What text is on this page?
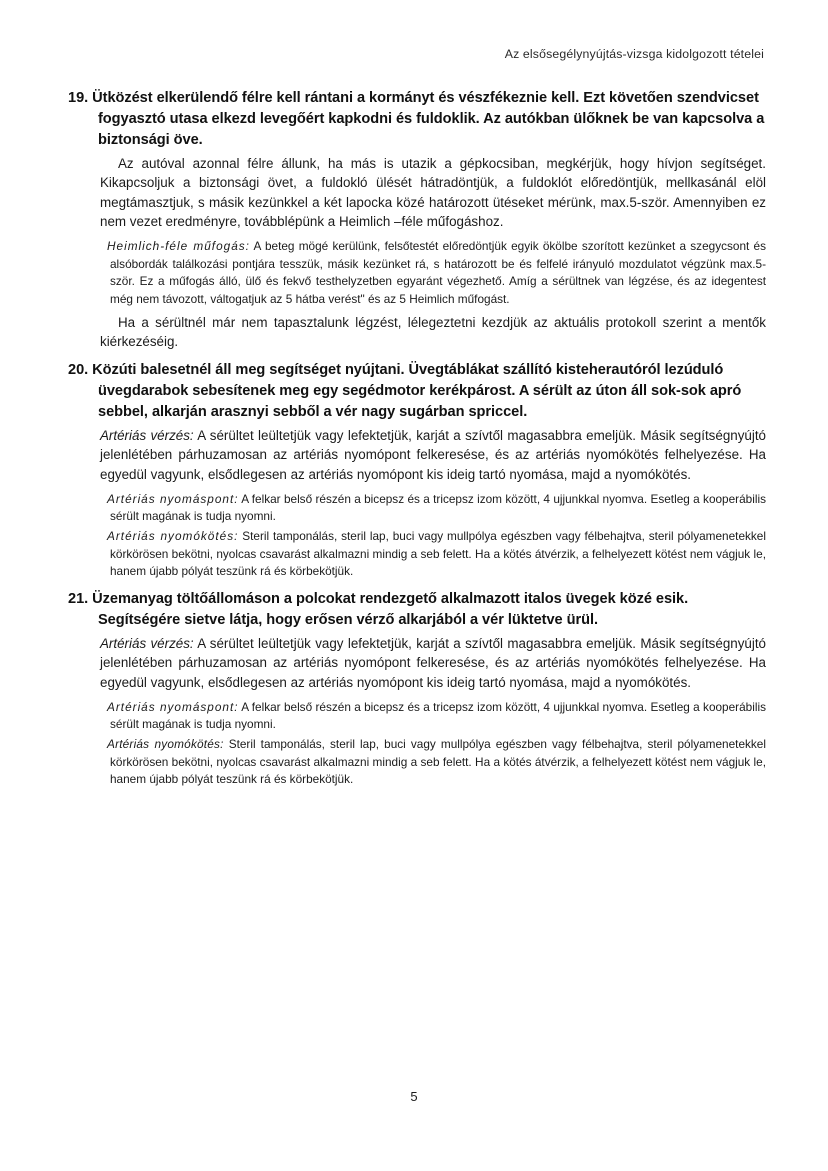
Az elsősegélynyújtás-vizsga kidolgozott tételei
19. Ütközést elkerülendő félre kell rántani a kormányt és vészfékeznie kell. Ezt követően szendvicset fogyasztó utasa elkezd levegőért kapkodni és fuldoklik. Az autókban ülőknek be van kapcsolva a biztonsági öve.
Az autóval azonnal félre állunk, ha más is utazik a gépkocsiban, megkérjük, hogy hívjon segítséget. Kikapcsoljuk a biztonsági övet, a fuldokló ülését hátradöntjük, a fuldoklót előredöntjük, mellkasánál elöl megtámasztjuk, s másik kezünkkel a két lapocka közé határozott ütéseket mérünk, max.5-ször. Amennyiben ez nem vezet eredményre, továbblépünk a Heimlich –féle műfogáshoz.
Heimlich-féle műfogás: A beteg mögé kerülünk, felsőtestét előredöntjük egyik ökölbe szorított kezünket a szegycsont és alsóbordák találkozási pontjára tesszük, másik kezünket rá, s határozott be és felfelé irányuló mozdulatot végzünk max.5-ször. Ez a műfogás álló, ülő és fekvő testhelyzetben egyaránt végezhető. Amíg a sérültnek van légzése, és az idegentest még nem távozott, váltogatjuk az 5 hátba verést" és az 5 Heimlich műfogást.
Ha a sérültnél már nem tapasztalunk légzést, lélegeztetni kezdjük az aktuális protokoll szerint a mentők kiérkezéséig.
20. Közúti balesetnél áll meg segítséget nyújtani. Üvegtáblákat szállító kisteherautóról lezúduló üvegdarabok sebesítenek meg egy segédmotor kerékpárost. A sérült az úton áll sok-sok apró sebbel, alkarján arasznyi sebből a vér nagy sugárban spriccel.
Artériás vérzés: A sérültet leültetjük vagy lefektetjük, karját a szívtől magasabbra emeljük. Másik segítségnyújtó jelenlétében párhuzamosan az artériás nyomópont felkeresése, és az artériás nyomókötés felhelyezése. Ha egyedül vagyunk, elsődlegesen az artériás nyomópont kis ideig tartó nyomása, majd a nyomókötés.
Artériás nyomáspont: A felkar belső részén a bicepsz és a tricepsz izom között, 4 ujjunkkal nyomva. Esetleg a kooperábilis sérült magának is tudja nyomni.
Artériás nyomókötés: Steril tamponálás, steril lap, buci vagy mullpólya egészben vagy félbehajtva, steril pólyamenetekkel körkörösen bekötni, nyolcas csavarást alkalmazni mindig a seb felett. Ha a kötés átvérzik, a felhelyezett kötést nem vágjuk le, hanem újabb pólyát teszünk rá és körbekötjük.
21. Üzemanyag töltőállomáson a polcokat rendezgető alkalmazott italos üvegek közé esik. Segítségére sietve látja, hogy erősen vérző alkarjából a vér lüktetve ürül.
Artériás vérzés: A sérültet leültetjük vagy lefektetjük, karját a szívtől magasabbra emeljük. Másik segítségnyújtó jelenlétében párhuzamosan az artériás nyomópont felkeresése, és az artériás nyomókötés felhelyezése. Ha egyedül vagyunk, elsődlegesen az artériás nyomópont kis ideig tartó nyomása, majd a nyomókötés.
Artériás nyomáspont: A felkar belső részén a bicepsz és a tricepsz izom között, 4 ujjunkkal nyomva. Esetleg a kooperábilis sérült magának is tudja nyomni.
Artériás nyomókötés: Steril tamponálás, steril lap, buci vagy mullpólya egészben vagy félbehajtva, steril pólyamenetekkel körkörösen bekötni, nyolcas csavarást alkalmazni mindig a seb felett. Ha a kötés átvérzik, a felhelyezett kötést nem vágjuk le, hanem újabb pólyát teszünk rá és körbekötjük.
5
